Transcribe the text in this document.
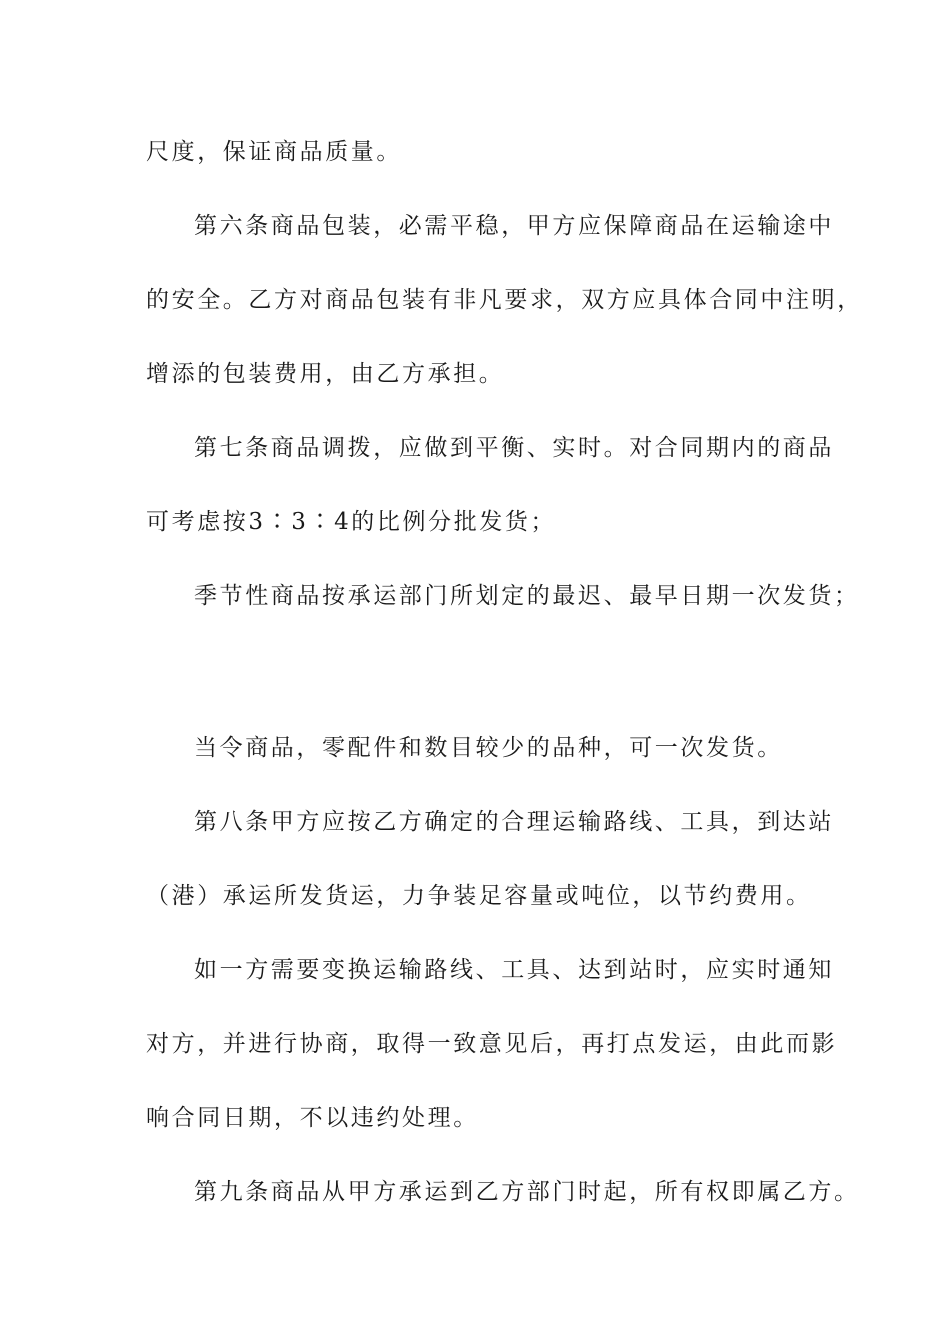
尺度，保证商品质量。
第六条商品包装，必需平稳，甲方应保障商品在运输途中
的安全。乙方对商品包装有非凡要求，双方应具体合同中注明，
增添的包装费用，由乙方承担。
第七条商品调拨，应做到平衡、实时。对合同期内的商品
可考虑按3∶3∶4的比例分批发货；
季节性商品按承运部门所划定的最迟、最早日期一次发货；
当令商品，零配件和数目较少的品种，可一次发货。
第八条甲方应按乙方确定的合理运输路线、工具，到达站
（港）承运所发货运，力争装足容量或吨位，以节约费用。
如一方需要变换运输路线、工具、达到站时，应实时通知
对方，并进行协商，取得一致意见后，再打点发运，由此而影
响合同日期，不以违约处理。
第九条商品从甲方承运到乙方部门时起，所有权即属乙方。
